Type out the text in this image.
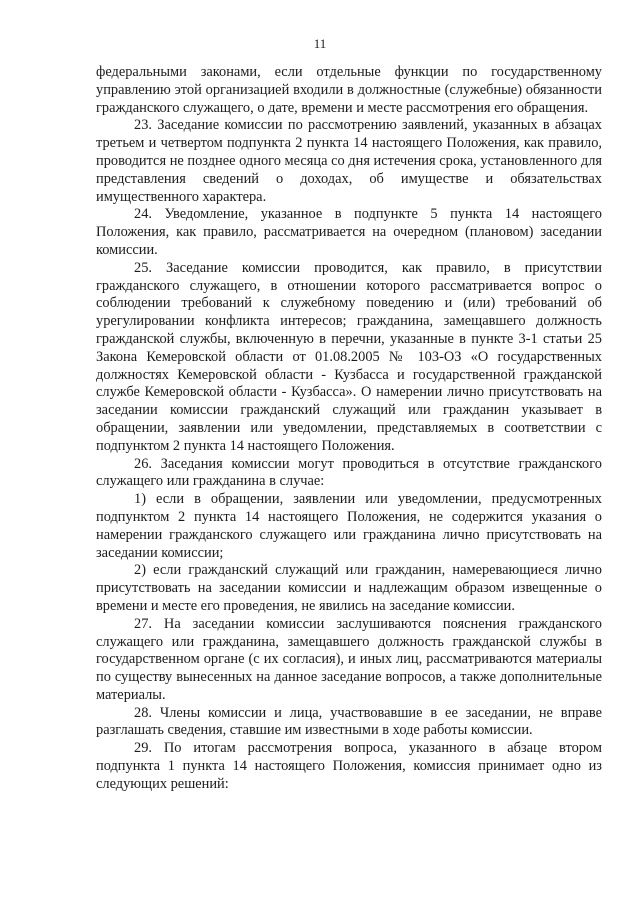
11

федеральными законами, если отдельные функции по государственному управлению этой организацией входили в должностные (служебные) обязанности гражданского служащего, о дате, времени и месте рассмотрения его обращения.

23. Заседание комиссии по рассмотрению заявлений, указанных в абзацах третьем и четвертом подпункта 2 пункта 14 настоящего Положения, как правило, проводится не позднее одного месяца со дня истечения срока, установленного для представления сведений о доходах, об имуществе и обязательствах имущественного характера.

24. Уведомление, указанное в подпункте 5 пункта 14 настоящего Положения, как правило, рассматривается на очередном (плановом) заседании комиссии.

25. Заседание комиссии проводится, как правило, в присутствии гражданского служащего, в отношении которого рассматривается вопрос о соблюдении требований к служебному поведению и (или) требований об урегулировании конфликта интересов; гражданина, замещавшего должность гражданской службы, включенную в перечни, указанные в пункте 3-1 статьи 25 Закона Кемеровской области от 01.08.2005 № 103-ОЗ «О государственных должностях Кемеровской области - Кузбасса и государственной гражданской службе Кемеровской области - Кузбасса». О намерении лично присутствовать на заседании комиссии гражданский служащий или гражданин указывает в обращении, заявлении или уведомлении, представляемых в соответствии с подпунктом 2 пункта 14 настоящего Положения.

26. Заседания комиссии могут проводиться в отсутствие гражданского служащего или гражданина в случае:

1) если в обращении, заявлении или уведомлении, предусмотренных подпунктом 2 пункта 14 настоящего Положения, не содержится указания о намерении гражданского служащего или гражданина лично присутствовать на заседании комиссии;

2) если гражданский служащий или гражданин, намеревающиеся лично присутствовать на заседании комиссии и надлежащим образом извещенные о времени и месте его проведения, не явились на заседание комиссии.

27. На заседании комиссии заслушиваются пояснения гражданского служащего или гражданина, замещавшего должность гражданской службы в государственном органе (с их согласия), и иных лиц, рассматриваются материалы по существу вынесенных на данное заседание вопросов, а также дополнительные материалы.

28. Члены комиссии и лица, участвовавшие в ее заседании, не вправе разглашать сведения, ставшие им известными в ходе работы комиссии.

29. По итогам рассмотрения вопроса, указанного в абзаце втором подпункта 1 пункта 14 настоящего Положения, комиссия принимает одно из следующих решений:
